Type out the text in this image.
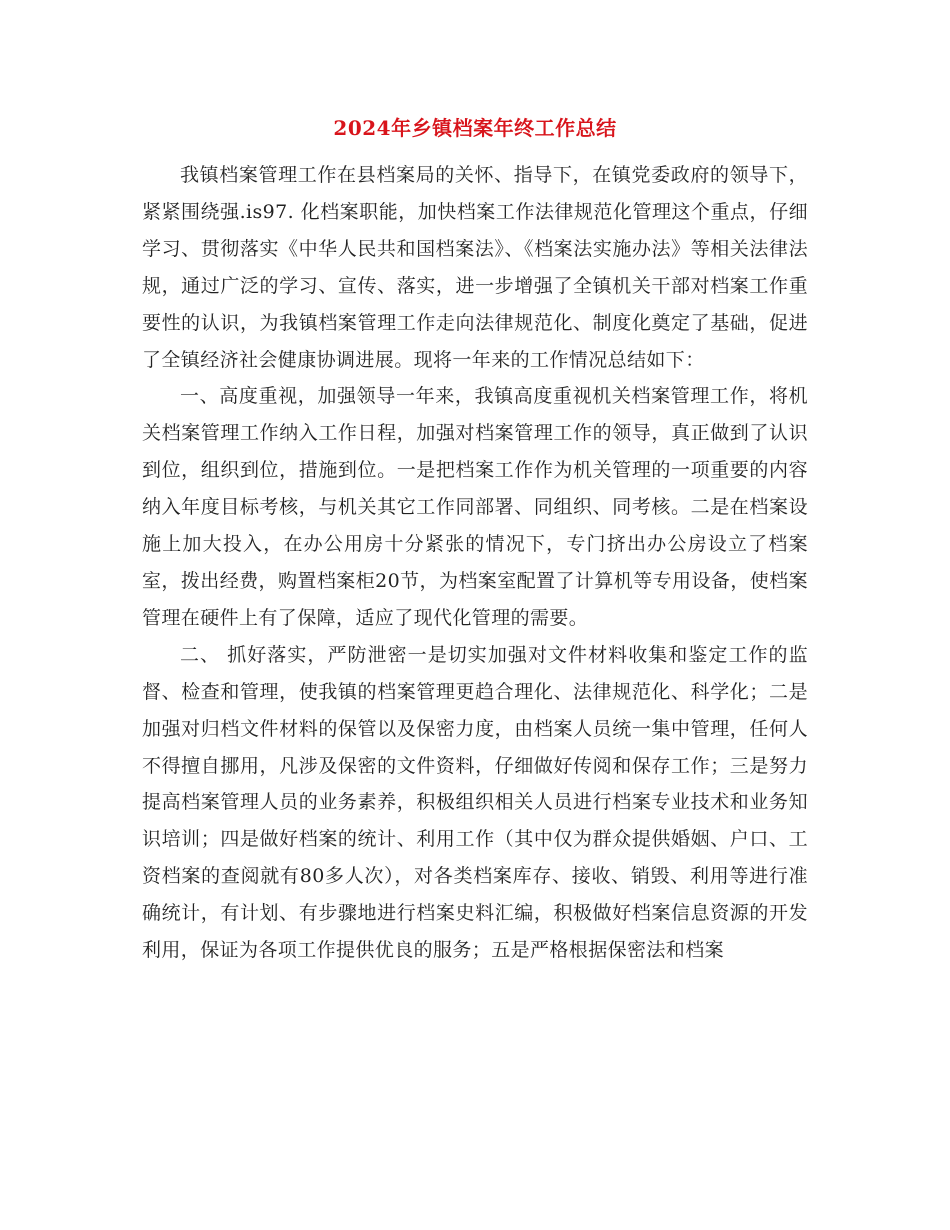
2024年乡镇档案年终工作总结

我镇档案管理工作在县档案局的关怀、指导下，在镇党委政府的领导下，紧紧围绕强.is97. 化档案职能，加快档案工作法律规范化管理这个重点，仔细学习、贯彻落实《中华人民共和国档案法》、《档案法实施办法》等相关法律法规，通过广泛的学习、宣传、落实，进一步增强了全镇机关干部对档案工作重要性的认识，为我镇档案管理工作走向法律规范化、制度化奠定了基础，促进了全镇经济社会健康协调进展。现将一年来的工作情况总结如下：

一、高度重视，加强领导一年来，我镇高度重视机关档案管理工作，将机关档案管理工作纳入工作日程，加强对档案管理工作的领导，真正做到了认识到位，组织到位，措施到位。一是把档案工作作为机关管理的一项重要的内容纳入年度目标考核，与机关其它工作同部署、同组织、同考核。二是在档案设施上加大投入，在办公用房十分紧张的情况下，专门挤出办公房设立了档案室，拨出经费，购置档案柜20节，为档案室配置了计算机等专用设备，使档案管理在硬件上有了保障，适应了现代化管理的需要。

二、 抓好落实，严防泄密一是切实加强对文件材料收集和鉴定工作的监督、检查和管理，使我镇的档案管理更趋合理化、法律规范化、科学化；二是加强对归档文件材料的保管以及保密力度，由档案人员统一集中管理，任何人不得擅自挪用，凡涉及保密的文件资料，仔细做好传阅和保存工作；三是努力提高档案管理人员的业务素养，积极组织相关人员进行档案专业技术和业务知识培训；四是做好档案的统计、利用工作（其中仅为群众提供婚姻、户口、工资档案的查阅就有80多人次），对各类档案库存、接收、销毁、利用等进行准确统计，有计划、有步骤地进行档案史料汇编，积极做好档案信息资源的开发利用，保证为各项工作提供优良的服务；五是严格根据保密法和档案
